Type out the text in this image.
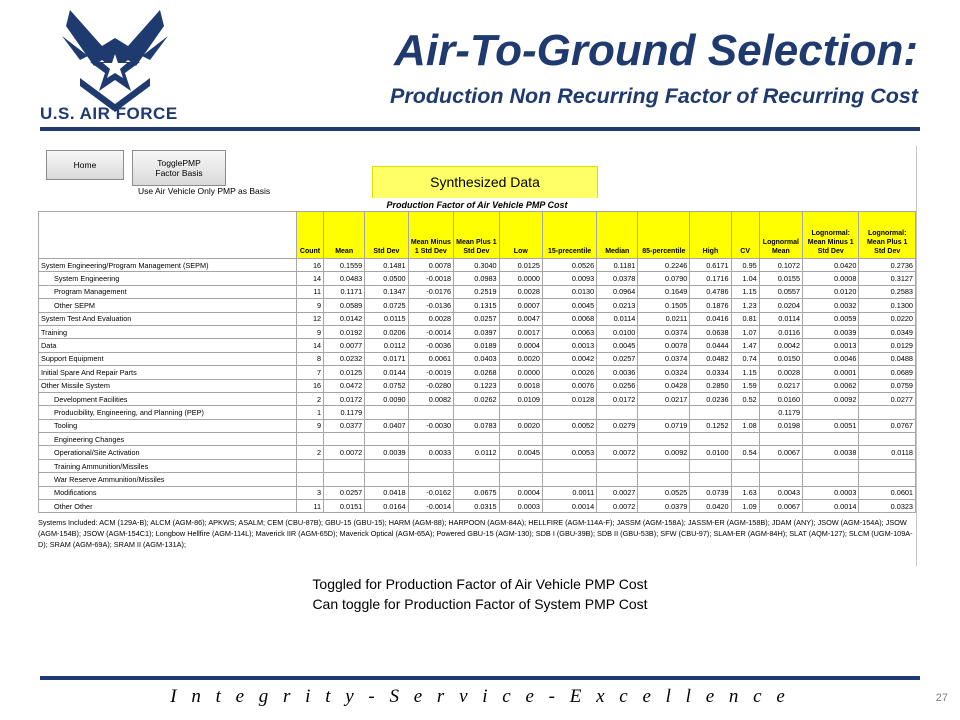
U.S. AIR FORCE
Air-To-Ground Selection:
Production Non Recurring Factor of Recurring Cost
Home	TogglePMP
Factor Basis
Use Air Vehicle Only PMP as Basis
Synthesized Data
Production Factor of Air Vehicle PMP Cost														
	Count	Mean	Std Dev	Mean Minus 1 Std Dev	Mean Plus 1 Std Dev	Low	15-precentile	Median	85-percentile	High	CV	Lognormal Mean	Lognormal: Mean Minus 1 Std Dev	Lognormal: Mean Plus 1 Std Dev
System Engineering/Program Management (SEPM)	16	0.1559	0.1481	0.0078	0.3040	0.0125	0.0526	0.1181	0.2246	0.6171	0.95	0.1072	0.0420	0.2736
System Engineering	14	0.0483	0.0500	-0.0018	0.0983	0.0000	0.0093	0.0378	0.0790	0.1716	1.04	0.0155	0.0008	0.3127
Program Management	11	0.1171	0.1347	-0.0176	0.2519	0.0028	0.0130	0.0964	0.1649	0.4786	1.15	0.0557	0.0120	0.2583
Other SEPM	9	0.0589	0.0725	-0.0136	0.1315	0.0007	0.0045	0.0213	0.1505	0.1876	1.23	0.0204	0.0032	0.1300
System Test And Evaluation	12	0.0142	0.0115	0.0028	0.0257	0.0047	0.0068	0.0114	0.0211	0.0416	0.81	0.0114	0.0059	0.0220
Training	9	0.0192	0.0206	-0.0014	0.0397	0.0017	0.0063	0.0100	0.0374	0.0638	1.07	0.0116	0.0039	0.0349
Data	14	0.0077	0.0112	-0.0036	0.0189	0.0004	0.0013	0.0045	0.0078	0.0444	1.47	0.0042	0.0013	0.0129
Support Equipment	8	0.0232	0.0171	0.0061	0.0403	0.0020	0.0042	0.0257	0.0374	0.0482	0.74	0.0150	0.0046	0.0488
Initial Spare And Repair Parts	7	0.0125	0.0144	-0.0019	0.0268	0.0000	0.0026	0.0036	0.0324	0.0334	1.15	0.0028	0.0001	0.0689
Other Missile System	16	0.0472	0.0752	-0.0280	0.1223	0.0018	0.0076	0.0256	0.0428	0.2850	1.59	0.0217	0.0062	0.0759
Development Facilities	2	0.0172	0.0090	0.0082	0.0262	0.0109	0.0128	0.0172	0.0217	0.0236	0.52	0.0160	0.0092	0.0277
Producibility, Engineering, and Planning (PEP)	1	0.1179										0.1179		
Tooling	9	0.0377	0.0407	-0.0030	0.0783	0.0020	0.0052	0.0279	0.0719	0.1252	1.08	0.0198	0.0051	0.0767
Engineering Changes														
Operational/Site Activation	2	0.0072	0.0039	0.0033	0.0112	0.0045	0.0053	0.0072	0.0092	0.0100	0.54	0.0067	0.0038	0.0118
Training Ammunition/Missiles														
War Reserve Ammunition/Missiles														
Modifications	3	0.0257	0.0418	-0.0162	0.0675	0.0004	0.0011	0.0027	0.0525	0.0739	1.63	0.0043	0.0003	0.0601
Other Other	11	0.0151	0.0164	-0.0014	0.0315	0.0003	0.0014	0.0072	0.0379	0.0420	1.09	0.0067	0.0014	0.0323
Systems Included: ACM (129A-B); ALCM (AGM-86); APKWS; ASALM; CEM (CBU-87B); GBU-15 (GBU-15); HARM (AGM-88); HARPOON (AGM-84A); HELLFIRE (AGM-114A-F); JASSM (AGM-158A); JASSM-ER (AGM-158B); JDAM (ANY); JSOW (AGM-154A); JSOW (AGM-154B); JSOW (AGM-154C1); Longbow Hellfire (AGM-114L); Maverick IIR (AGM-65D); Maverick Optical (AGM-65A); Powered GBU-15 (AGM-130); SDB I (GBU-39B); SDB II (GBU-53B); SFW (CBU-97); SLAM-ER (AGM-84H); SLAT (AQM-127); SLCM (UGM-109A-D); SRAM (AGM-69A); SRAM II (AGM-131A);
Toggled for Production Factor of Air Vehicle PMP Cost
Can toggle for Production Factor of System PMP Cost
I n t e g r i t y - S e r v i c e - E x c e l l e n c e	27
